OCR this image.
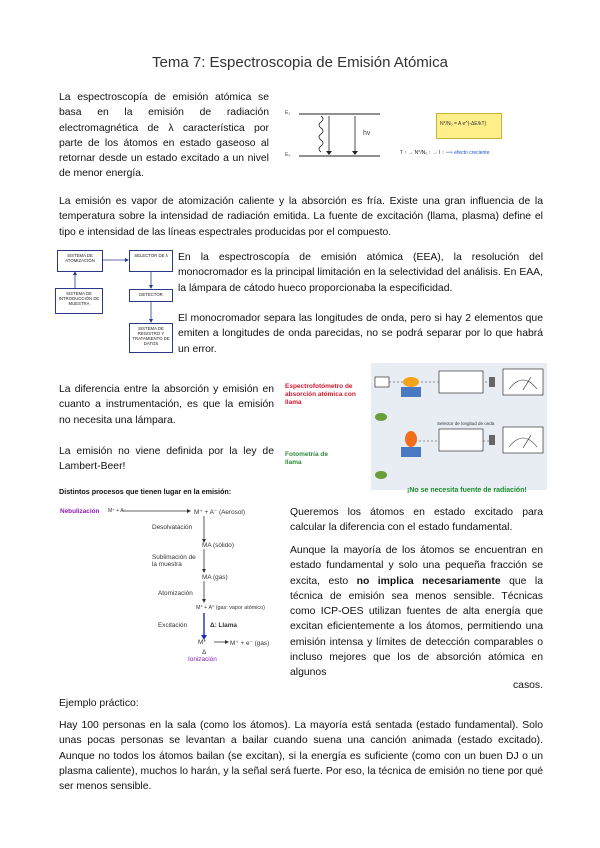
Tema 7: Espectroscopia de Emisión Atómica

La espectroscopía de emisión atómica se basa en la emisión de radiación electromagnética de λ característica por parte de los átomos en estado gaseoso al retornar desde un estado excitado a un nivel de menor energía.

E₁
E₀
hv
N*/N₀ = A e^(-ΔE/kT)
T ↑ → N*/N₀ ↑ → I ↑ ⟹ efecto creciente

La emisión es vapor de atomización caliente y la absorción es fría. Existe una gran influencia de la temperatura sobre la intensidad de radiación emitida. La fuente de excitación (llama, plasma) define el tipo e intensidad de las líneas espectrales producidas por el compuesto.

SISTEMA DE ATOMIZACIÓN
SELECTOR DE λ
SISTEMA DE INTRODUCCIÓN DE MUESTRA
DETECTOR
SISTEMA DE REGISTRO Y TRATAMIENTO DE DATOS

En la espectroscopía de emisión atómica (EEA), la resolución del monocromador es la principal limitación en la selectividad del análisis. En EAA, la lámpara de cátodo hueco proporcionaba la especificidad.

El monocromador separa las longitudes de onda, pero si hay 2 elementos que emiten a longitudes de onda parecidas, no se podrá separar por lo que habrá un error.

La diferencia entre la absorción y emisión en cuanto a instrumentación, es que la emisión no necesita una lámpara.

La emisión no viene definida por la ley de Lambert-Beer!

Espectrofotómetro de absorción atómica con llama
Fotometría de llama
Selector de longitud de onda
¡No se necesita fuente de radiación!
Distintos procesos que tienen lugar en la emisión:
Nebulización M⁺ + A⁻	M⁺ + A⁻ (Aerosol)
Desolvatación
MA (sólido)
Sublimación de la muestra
MA (gas)
Atomización
M° + A° (gas: vapor atómico)
Excitación	Δ: Llama
M*	M⁺ + e⁻ (gas)
Δ
Ionización

Queremos los átomos en estado excitado para calcular la diferencia con el estado fundamental.

Aunque la mayoría de los átomos se encuentran en estado fundamental y solo una pequeña fracción se excita, esto no implica necesariamente que la técnica de emisión sea menos sensible. Técnicas como ICP-OES utilizan fuentes de alta energía que excitan eficientemente a los átomos, permitiendo una emisión intensa y límites de detección comparables o incluso mejores que los de absorción atómica en algunos

casos.
Ejemplo práctico:

Hay 100 personas en la sala (como los átomos). La mayoría está sentada (estado fundamental). Solo unas pocas personas se levantan a bailar cuando suena una canción animada (estado excitado). Aunque no todos los átomos bailan (se excitan), si la energía es suficiente (como con un buen DJ o un plasma caliente), muchos lo harán, y la señal será fuerte. Por eso, la técnica de emisión no tiene por qué ser menos sensible.
